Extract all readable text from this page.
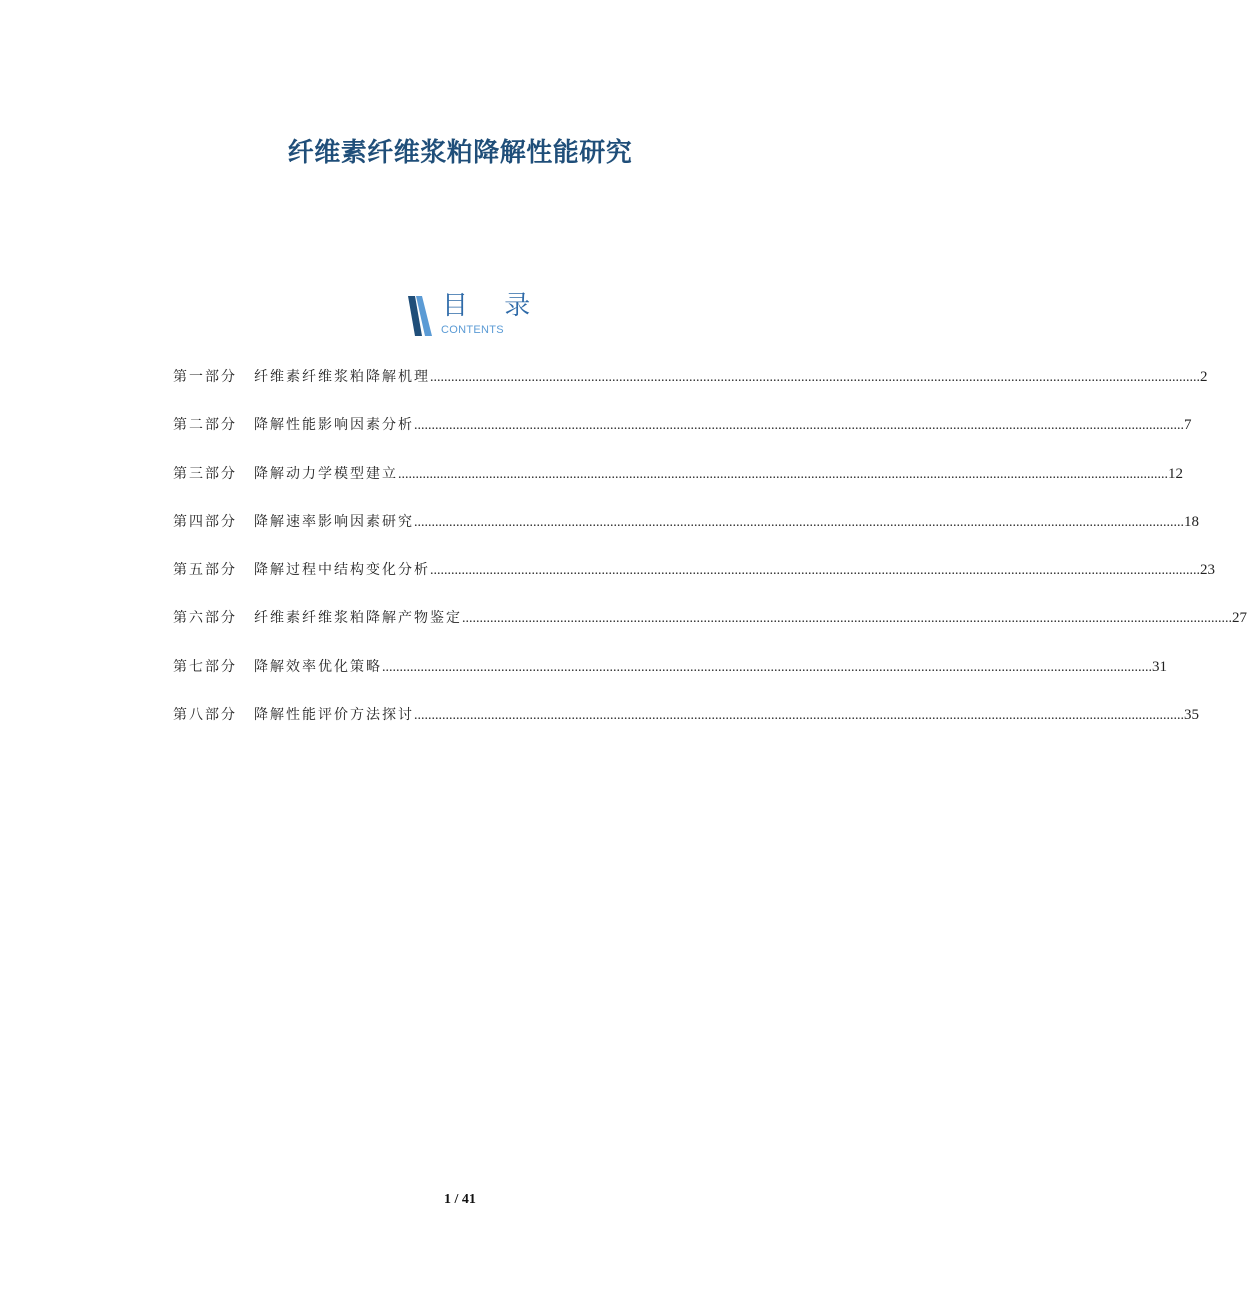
纤维素纤维浆粕降解性能研究
目 录
CONTENTS
第一部分	纤维素纤维浆粕降解机理 ............................................................................................................................................................................................................................ 2
第二部分	降解性能影响因素分析 ............................................................................................................................................................................................................................ 7
第三部分	降解动力学模型建立 ............................................................................................................................................................................................................................ 12
第四部分	降解速率影响因素研究 ............................................................................................................................................................................................................................ 18
第五部分	降解过程中结构变化分析 ............................................................................................................................................................................................................................ 23
第六部分	纤维素纤维浆粕降解产物鉴定 ............................................................................................................................................................................................................................ 27
第七部分	降解效率优化策略 ............................................................................................................................................................................................................................ 31
第八部分	降解性能评价方法探讨 ............................................................................................................................................................................................................................ 35
1 / 41
